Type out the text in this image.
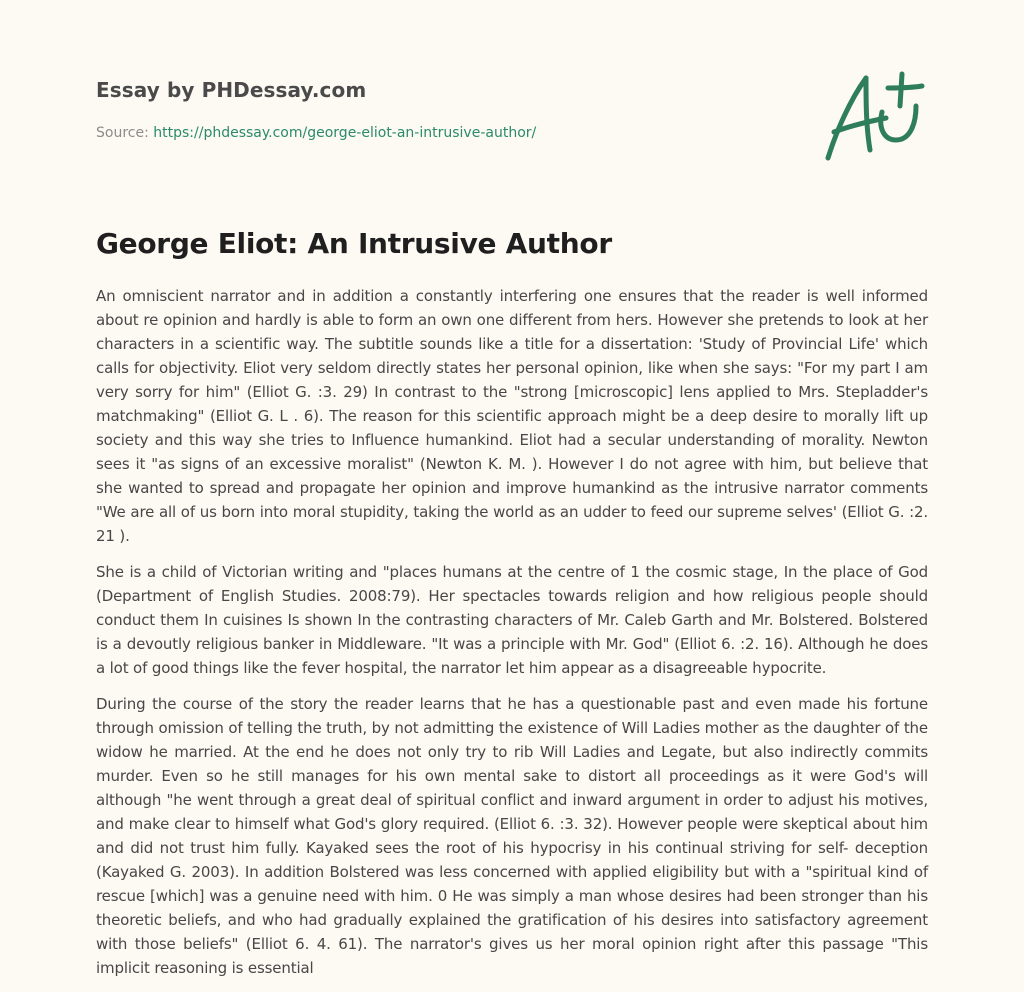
Essay by PHDessay.com
Source: https://phdessay.com/george-eliot-an-intrusive-author/
George Eliot: An Intrusive Author

An omniscient narrator and in addition a constantly interfering one ensures that the reader is well informed about re opinion and hardly is able to form an own one different from hers. However she pretends to look at her characters in a scientific way. The subtitle sounds like a title for a dissertation: 'Study of Provincial Life' which calls for objectivity. Eliot very seldom directly states her personal opinion, like when she says: "For my part I am very sorry for him" (Elliot G. :3. 29) In contrast to the "strong [microscopic] lens applied to Mrs. Stepladder's matchmaking" (Elliot G. L . 6). The reason for this scientific approach might be a deep desire to morally lift up society and this way she tries to Influence humankind. Eliot had a secular understanding of morality. Newton sees it "as signs of an excessive moralist" (Newton K. M. ). However I do not agree with him, but believe that she wanted to spread and propagate her opinion and improve humankind as the intrusive narrator comments "We are all of us born into moral stupidity, taking the world as an udder to feed our supreme selves' (Elliot G. :2. 21 ).

She is a child of Victorian writing and "places humans at the centre of 1 the cosmic stage, In the place of God (Department of English Studies. 2008:79). Her spectacles towards religion and how religious people should conduct them In cuisines Is shown In the contrasting characters of Mr. Caleb Garth and Mr. Bolstered. Bolstered is a devoutly religious banker in Middleware. "It was a principle with Mr. God" (Elliot 6. :2. 16). Although he does a lot of good things like the fever hospital, the narrator let him appear as a disagreeable hypocrite.

During the course of the story the reader learns that he has a questionable past and even made his fortune through omission of telling the truth, by not admitting the existence of Will Ladies mother as the daughter of the widow he married. At the end he does not only try to rib Will Ladies and Legate, but also indirectly commits murder. Even so he still manages for his own mental sake to distort all proceedings as it were God's will although "he went through a great deal of spiritual conflict and inward argument in order to adjust his motives, and make clear to himself what God's glory required. (Elliot 6. :3. 32). However people were skeptical about him and did not trust him fully. Kayaked sees the root of his hypocrisy in his continual striving for self- deception (Kayaked G. 2003). In addition Bolstered was less concerned with applied eligibility but with a "spiritual kind of rescue [which] was a genuine need with him. 0 He was simply a man whose desires had been stronger than his theoretic beliefs, and who had gradually explained the gratification of his desires into satisfactory agreement with those beliefs" (Elliot 6. 4. 61). The narrator's gives us her moral opinion right after this passage "This implicit reasoning is essential
